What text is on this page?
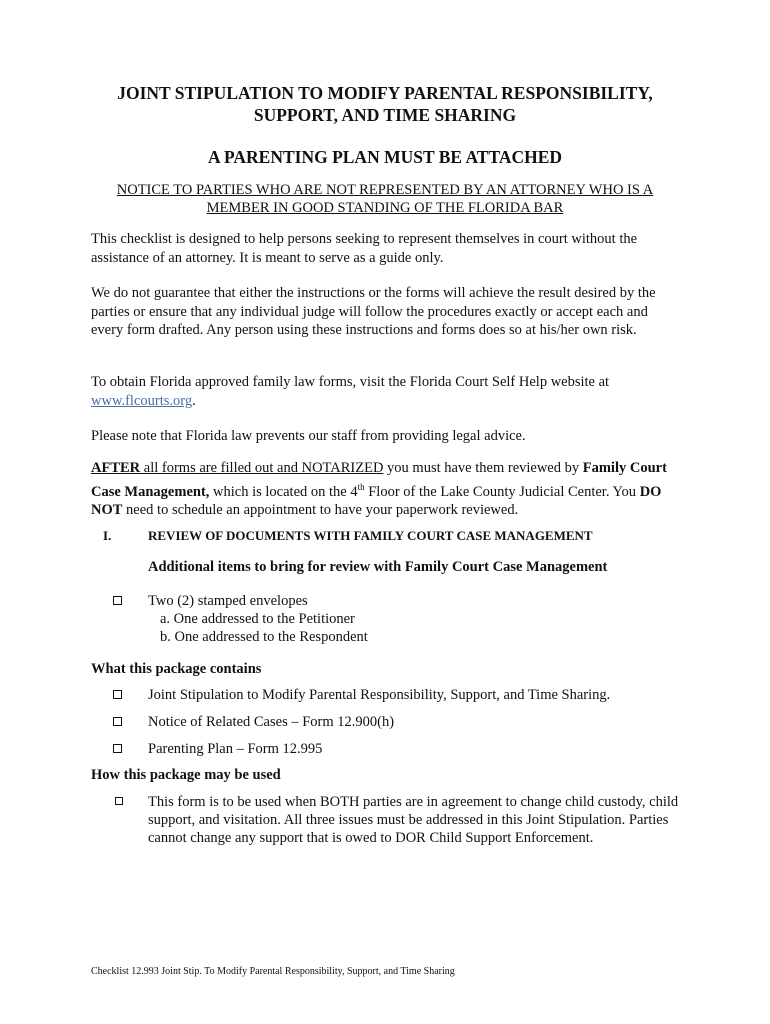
JOINT STIPULATION TO MODIFY PARENTAL RESPONSIBILITY,
SUPPORT, AND TIME SHARING
A PARENTING PLAN MUST BE ATTACHED
NOTICE TO PARTIES WHO ARE NOT REPRESENTED BY AN ATTORNEY WHO IS A
MEMBER IN GOOD STANDING OF THE FLORIDA BAR
This checklist is designed to help persons seeking to represent themselves in court without the assistance of an attorney. It is meant to serve as a guide only.
We do not guarantee that either the instructions or the forms will achieve the result desired by the parties or ensure that any individual judge will follow the procedures exactly or accept each and every form drafted. Any person using these instructions and forms does so at his/her own risk.
To obtain Florida approved family law forms, visit the Florida Court Self Help website at
www.flcourts.org.
Please note that Florida law prevents our staff from providing legal advice.
AFTER all forms are filled out and NOTARIZED you must have them reviewed by Family Court Case Management, which is located on the 4th Floor of the Lake County Judicial Center. You DO NOT need to schedule an appointment to have your paperwork reviewed.
I.	REVIEW OF DOCUMENTS WITH FAMILY COURT CASE MANAGEMENT
Additional items to bring for review with Family Court Case Management
Two (2) stamped envelopes
a. One addressed to the Petitioner
b. One addressed to the Respondent
What this package contains
Joint Stipulation to Modify Parental Responsibility, Support, and Time Sharing.
Notice of Related Cases – Form 12.900(h)
Parenting Plan – Form 12.995
How this package may be used
This form is to be used when BOTH parties are in agreement to change child custody, child support, and visitation. All three issues must be addressed in this Joint Stipulation. Parties cannot change any support that is owed to DOR Child Support Enforcement.
Checklist 12.993 Joint Stip. To Modify Parental Responsibility, Support, and Time Sharing
